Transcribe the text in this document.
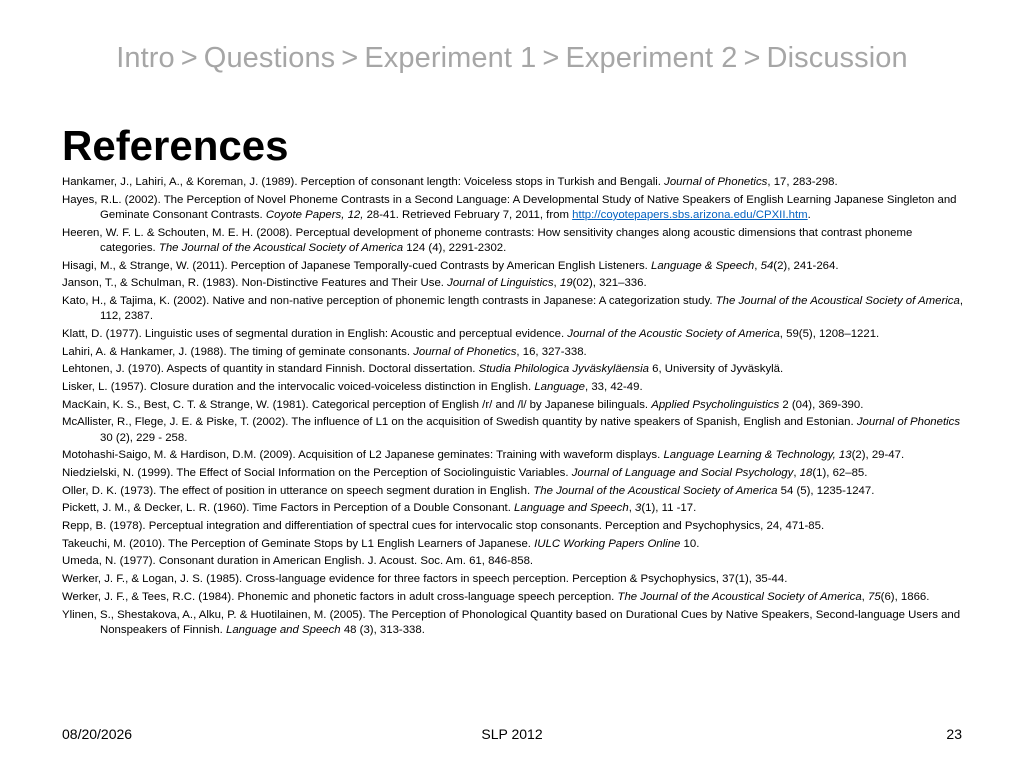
Intro > Questions > Experiment 1 > Experiment 2 > Discussion
References

Hankamer, J., Lahiri, A., & Koreman, J. (1989). Perception of consonant length: Voiceless stops in Turkish and Bengali. Journal of Phonetics, 17, 283-298.

Hayes, R.L. (2002). The Perception of Novel Phoneme Contrasts in a Second Language: A Developmental Study of Native Speakers of English Learning Japanese Singleton and Geminate Consonant Contrasts. Coyote Papers, 12, 28-41. Retrieved February 7, 2011, from http://coyotepapers.sbs.arizona.edu/CPXII.htm.

Heeren, W. F. L. & Schouten, M. E. H. (2008). Perceptual development of phoneme contrasts: How sensitivity changes along acoustic dimensions that contrast phoneme categories. The Journal of the Acoustical Society of America 124 (4), 2291-2302.

Hisagi, M., & Strange, W. (2011). Perception of Japanese Temporally-cued Contrasts by American English Listeners. Language & Speech, 54(2), 241-264.

Janson, T., & Schulman, R. (1983). Non-Distinctive Features and Their Use. Journal of Linguistics, 19(02), 321–336.

Kato, H., & Tajima, K. (2002). Native and non-native perception of phonemic length contrasts in Japanese: A categorization study. The Journal of the Acoustical Society of America, 112, 2387.

Klatt, D. (1977). Linguistic uses of segmental duration in English: Acoustic and perceptual evidence. Journal of the Acoustic Society of America, 59(5), 1208–1221.

Lahiri, A. & Hankamer, J. (1988). The timing of geminate consonants. Journal of Phonetics, 16, 327-338.

Lehtonen, J. (1970). Aspects of quantity in standard Finnish. Doctoral dissertation. Studia Philologica Jyväskyläensia 6, University of Jyväskylä.

Lisker, L. (1957). Closure duration and the intervocalic voiced-voiceless distinction in English. Language, 33, 42-49.

MacKain, K. S., Best, C. T. & Strange, W. (1981). Categorical perception of English /r/ and /l/ by Japanese bilinguals. Applied Psycholinguistics 2 (04), 369-390.

McAllister, R., Flege, J. E. & Piske, T. (2002). The influence of L1 on the acquisition of Swedish quantity by native speakers of Spanish, English and Estonian. Journal of Phonetics 30 (2), 229 - 258.

Motohashi-Saigo, M. & Hardison, D.M. (2009). Acquisition of L2 Japanese geminates: Training with waveform displays. Language Learning & Technology, 13(2), 29-47.

Niedzielski, N. (1999). The Effect of Social Information on the Perception of Sociolinguistic Variables. Journal of Language and Social Psychology, 18(1), 62–85.

Oller, D. K. (1973). The effect of position in utterance on speech segment duration in English. The Journal of the Acoustical Society of America 54 (5), 1235-1247.

Pickett, J. M., & Decker, L. R. (1960). Time Factors in Perception of a Double Consonant. Language and Speech, 3(1), 11 -17.

Repp, B. (1978). Perceptual integration and differentiation of spectral cues for intervocalic stop consonants. Perception and Psychophysics, 24, 471-85.

Takeuchi, M. (2010). The Perception of Geminate Stops by L1 English Learners of Japanese. IULC Working Papers Online 10.

Umeda, N. (1977). Consonant duration in American English. J. Acoust. Soc. Am. 61, 846-858.

Werker, J. F., & Logan, J. S. (1985). Cross-language evidence for three factors in speech perception. Perception & Psychophysics, 37(1), 35-44.

Werker, J. F., & Tees, R.C. (1984). Phonemic and phonetic factors in adult cross-language speech perception. The Journal of the Acoustical Society of America, 75(6), 1866.

Ylinen, S., Shestakova, A., Alku, P. & Huotilainen, M. (2005). The Perception of Phonological Quantity based on Durational Cues by Native Speakers, Second-language Users and Nonspeakers of Finnish. Language and Speech 48 (3), 313-338.

08/20/2026	SLP 2012	23
